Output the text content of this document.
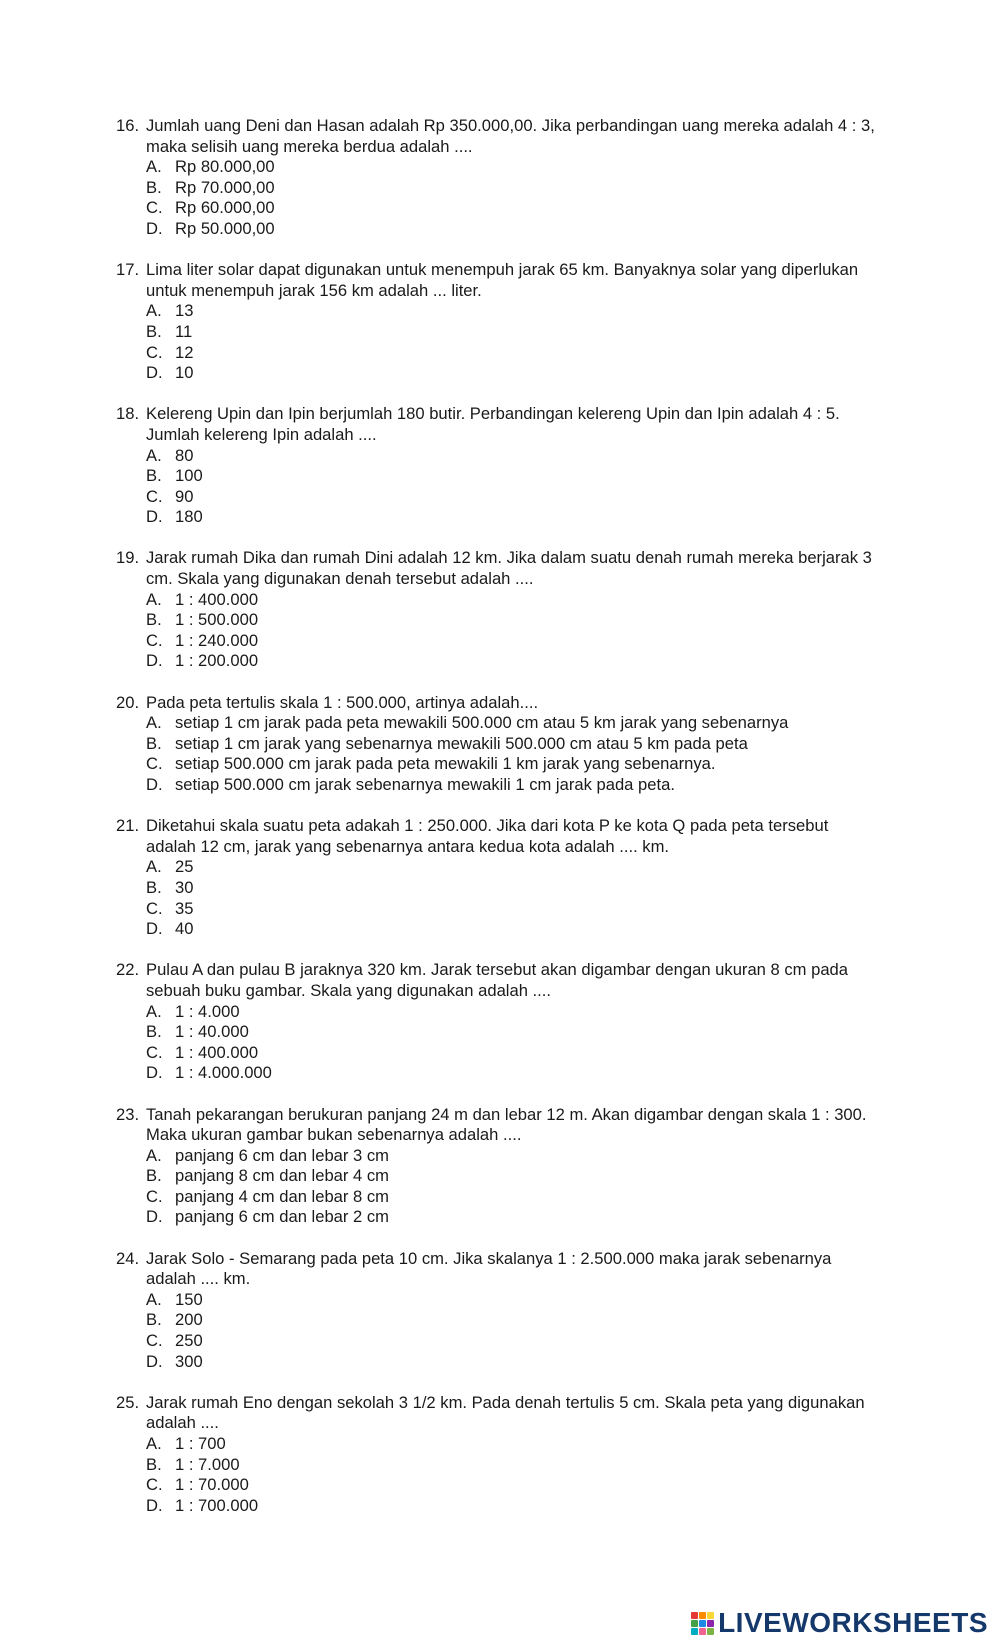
16. Jumlah uang Deni dan Hasan adalah Rp 350.000,00. Jika perbandingan uang mereka adalah 4 : 3, maka selisih uang mereka berdua adalah ....
A. Rp 80.000,00
B. Rp 70.000,00
C. Rp 60.000,00
D. Rp 50.000,00
17. Lima liter solar dapat digunakan untuk menempuh jarak 65 km. Banyaknya solar yang diperlukan untuk menempuh jarak 156 km adalah ... liter.
A. 13
B. 11
C. 12
D. 10
18. Kelereng Upin dan Ipin berjumlah 180 butir. Perbandingan kelereng Upin dan Ipin adalah 4 : 5. Jumlah kelereng Ipin adalah ....
A. 80
B. 100
C. 90
D. 180
19. Jarak rumah Dika dan rumah Dini adalah 12 km. Jika dalam suatu denah rumah mereka berjarak 3 cm. Skala yang digunakan denah tersebut adalah ....
A. 1 : 400.000
B. 1 : 500.000
C. 1 : 240.000
D. 1 : 200.000
20. Pada peta tertulis skala 1 : 500.000, artinya adalah....
A. setiap 1 cm jarak pada peta mewakili 500.000 cm atau 5 km jarak yang sebenarnya
B. setiap 1 cm jarak yang sebenarnya mewakili 500.000 cm atau 5 km pada peta
C. setiap 500.000 cm jarak pada peta mewakili 1 km jarak yang sebenarnya.
D. setiap 500.000 cm jarak sebenarnya mewakili 1 cm jarak pada peta.
21. Diketahui skala suatu peta adakah 1 : 250.000. Jika dari kota P ke kota Q pada peta tersebut adalah 12 cm, jarak yang sebenarnya antara kedua kota adalah .... km.
A. 25
B. 30
C. 35
D. 40
22. Pulau A dan pulau B jaraknya 320 km. Jarak tersebut akan digambar dengan ukuran 8 cm pada sebuah buku gambar. Skala yang digunakan adalah ....
A. 1 : 4.000
B. 1 : 40.000
C. 1 : 400.000
D. 1 : 4.000.000
23. Tanah pekarangan berukuran panjang 24 m dan lebar 12 m. Akan digambar dengan skala 1 : 300. Maka ukuran gambar bukan sebenarnya adalah ....
A. panjang 6 cm dan lebar 3 cm
B. panjang 8 cm dan lebar 4 cm
C. panjang 4 cm dan lebar 8 cm
D. panjang 6 cm dan lebar 2 cm
24. Jarak Solo - Semarang pada peta 10 cm. Jika skalanya 1 : 2.500.000 maka jarak sebenarnya adalah .... km.
A. 150
B. 200
C. 250
D. 300
25. Jarak rumah Eno dengan sekolah 3 1/2 km. Pada denah tertulis 5 cm. Skala peta yang digunakan adalah ....
A. 1 : 700
B. 1 : 7.000
C. 1 : 70.000
D. 1 : 700.000
LIVEWORKSHEETS
